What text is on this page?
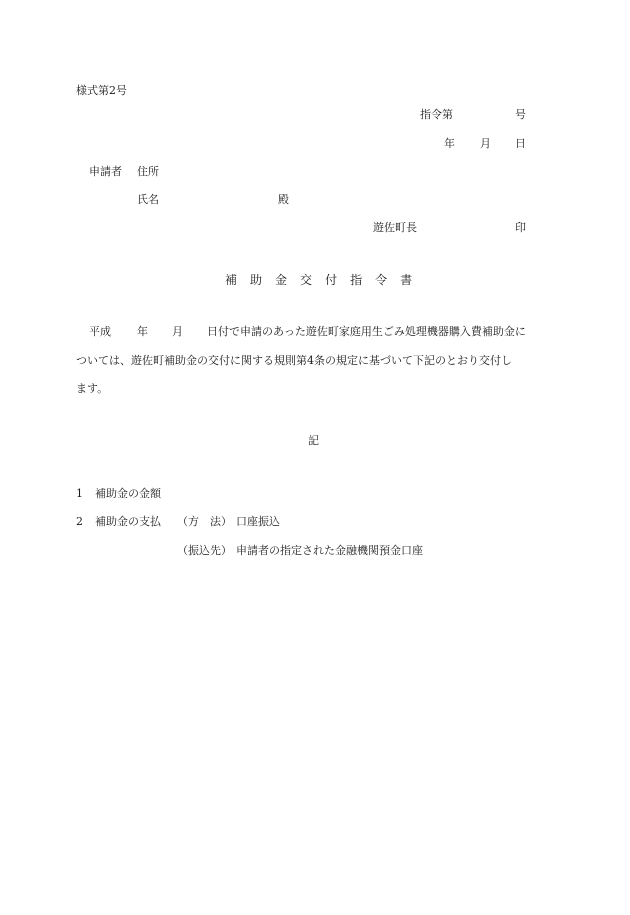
様式第2号
指令第	号
年 月 日
申請者 住所
氏名	殿
遊佐町長	印
補 助 金 交 付 指 令 書
平成 年 月 日付で申請のあった遊佐町家庭用生ごみ処理機器購入費補助金に
ついては、遊佐町補助金の交付に関する規則第4条の規定に基づいて下記のとおり交付し
ます。
記
1 補助金の金額
2 補助金の支払 （方　法） 口座振込
（振込先） 申請者の指定された金融機関預金口座
